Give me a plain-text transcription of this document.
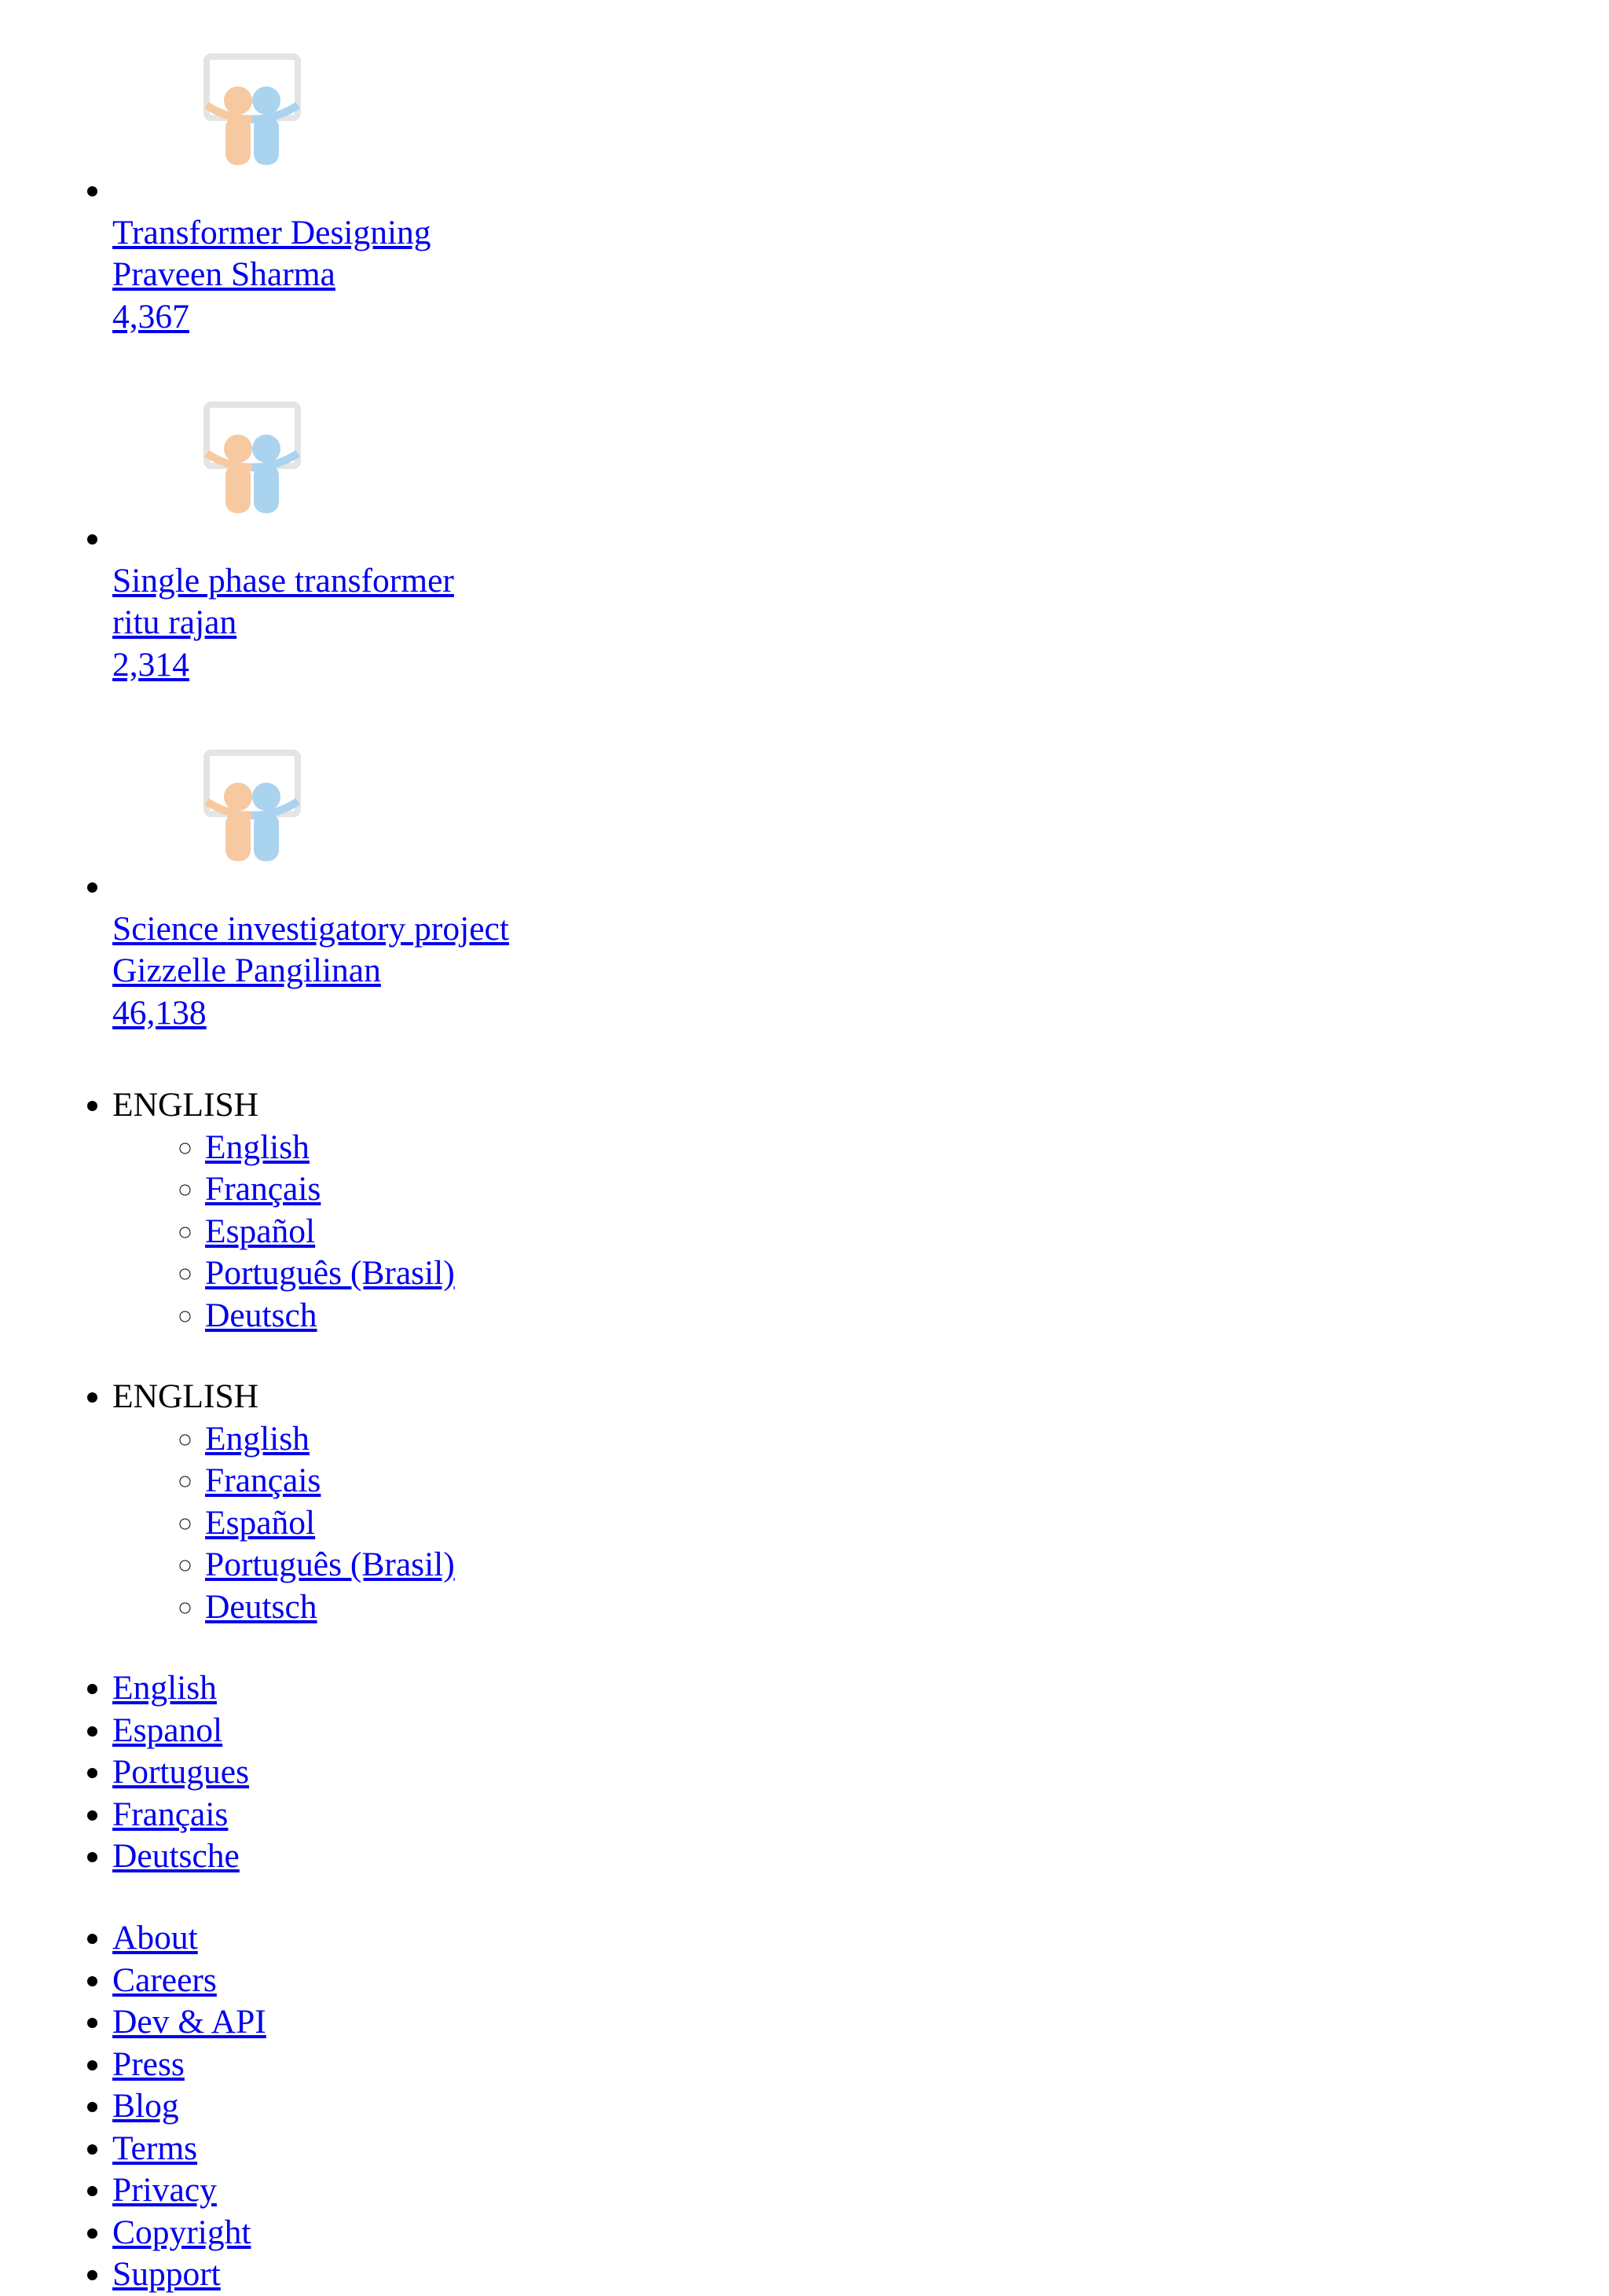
• Transformer Designing
Praveen Sharma
4,367

• Single phase transformer
ritu rajan
2,314

• Science investigatory project
Gizzelle Pangilinan
46,138
• ENGLISH
◦ English
◦ Français
◦ Español
◦ Português (Brasil)
◦ Deutsch
• ENGLISH
◦ English
◦ Français
◦ Español
◦ Português (Brasil)
◦ Deutsch
• English
• Espanol
• Portugues
• Français
• Deutsche
• About
• Careers
• Dev & API
• Press
• Blog
• Terms
• Privacy
• Copyright
• Support
